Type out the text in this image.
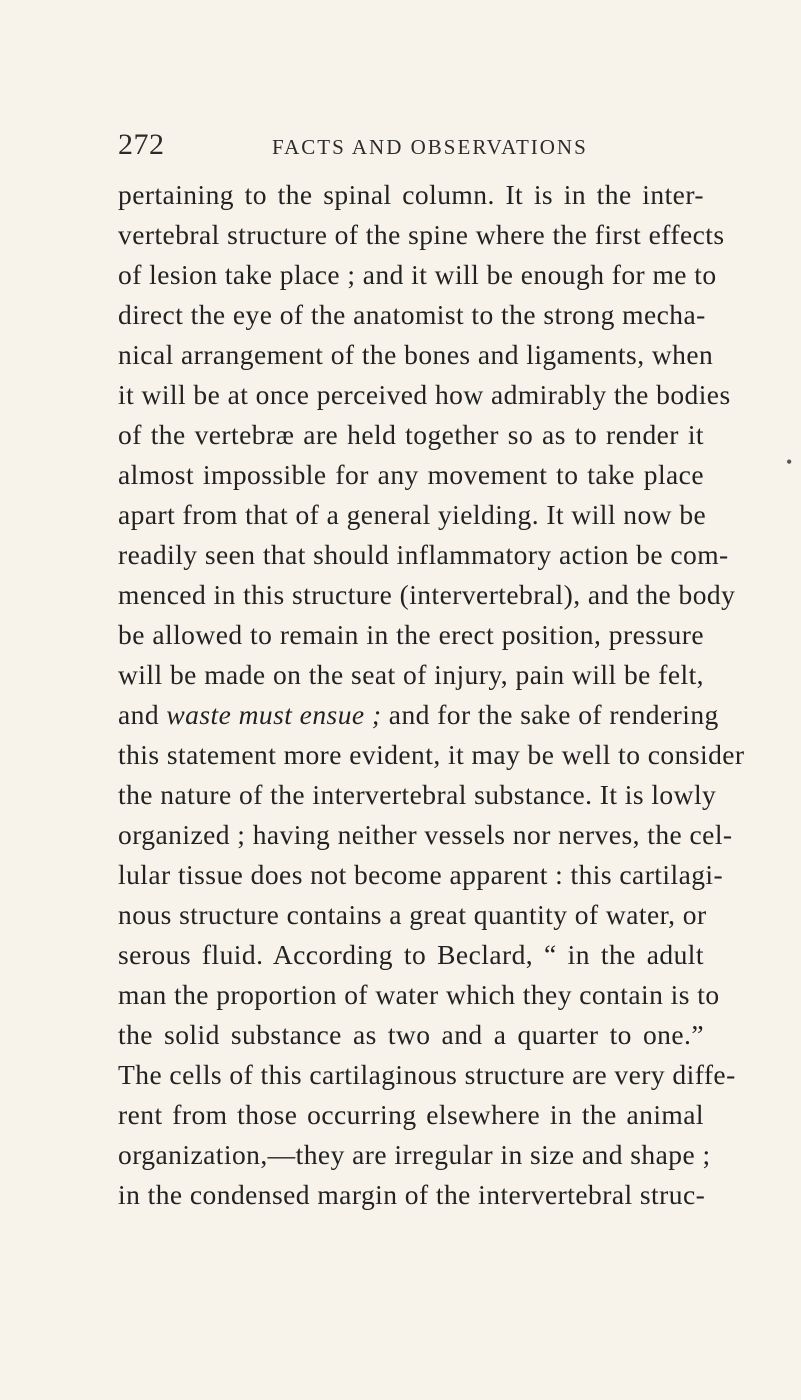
272	FACTS AND OBSERVATIONS
pertaining to the spinal column. It is in the inter-
vertebral structure of the spine where the first effects
of lesion take place ; and it will be enough for me to
direct the eye of the anatomist to the strong mecha-
nical arrangement of the bones and ligaments, when
it will be at once perceived how admirably the bodies
of the vertebræ are held together so as to render it
almost impossible for any movement to take place
apart from that of a general yielding. It will now be
readily seen that should inflammatory action be com-
menced in this structure (intervertebral), and the body
be allowed to remain in the erect position, pressure
will be made on the seat of injury, pain will be felt,
and waste must ensue ; and for the sake of rendering
this statement more evident, it may be well to consider
the nature of the intervertebral substance. It is lowly
organized ; having neither vessels nor nerves, the cel-
lular tissue does not become apparent : this cartilagi-
nous structure contains a great quantity of water, or
serous fluid. According to Beclard, “ in the adult
man the proportion of water which they contain is to
the solid substance as two and a quarter to one.”
The cells of this cartilaginous structure are very diffe-
rent from those occurring elsewhere in the animal
organization,—they are irregular in size and shape ;
in the condensed margin of the intervertebral struc-
•
